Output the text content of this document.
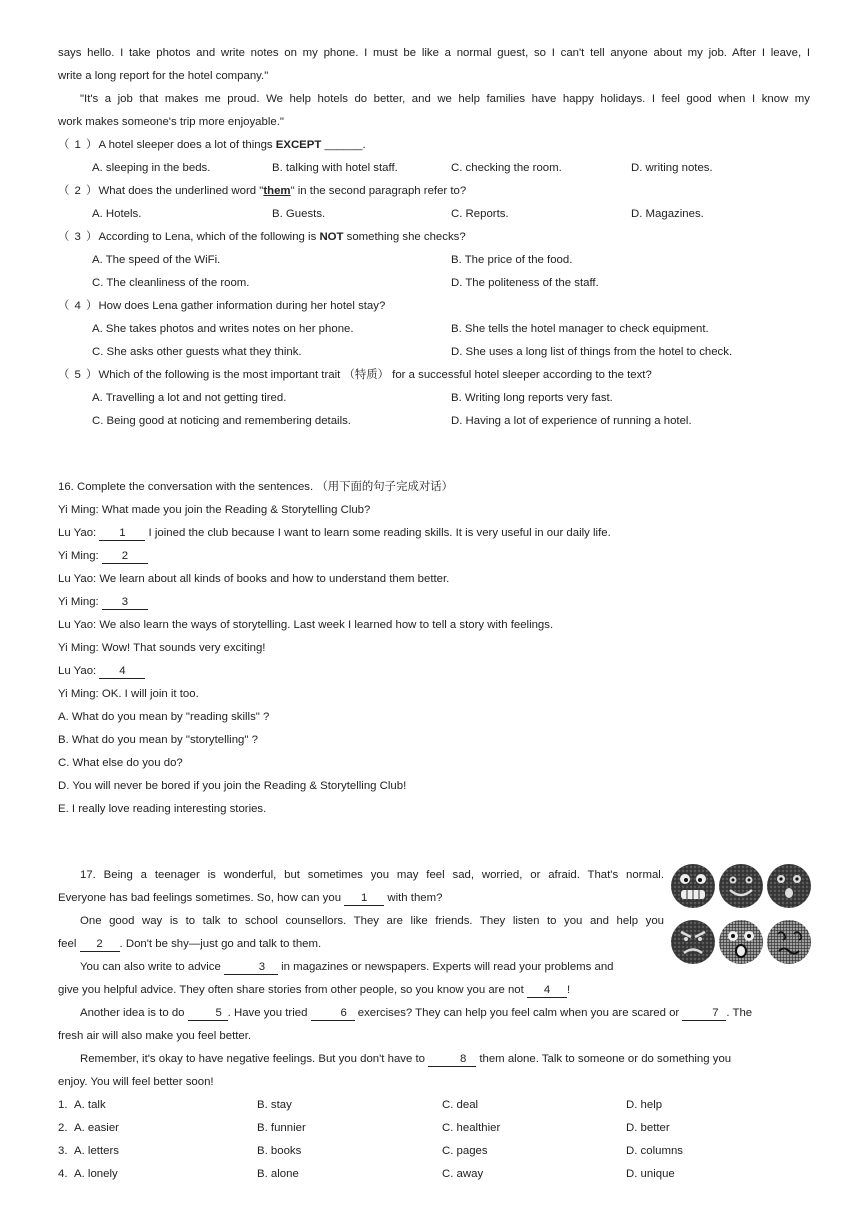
says hello. I take photos and write notes on my phone. I must be like a normal guest, so I can't tell anyone about my job. After I leave, I
write a long report for the hotel company."
"It's a job that makes me proud. We help hotels do better, and we help families have happy holidays. I feel good when I know my
work makes someone's trip more enjoyable."
（ 1 ）A hotel sleeper does a lot of things EXCEPT ______.
A. sleeping in the beds.	B. talking with hotel staff.	C. checking the room.	D. writing notes.
（ 2 ）What does the underlined word "them" in the second paragraph refer to?
A. Hotels.	B. Guests.	C. Reports.	D. Magazines.
（ 3 ）According to Lena, which of the following is NOT something she checks?
A. The speed of the WiFi.	B. The price of the food.
C. The cleanliness of the room.	D. The politeness of the staff.
（ 4 ）How does Lena gather information during her hotel stay?
A. She takes photos and writes notes on her phone.	B. She tells the hotel manager to check equipment.
C. She asks other guests what they think.	D. She uses a long list of things from the hotel to check.
（ 5 ）Which of the following is the most important trait （特质） for a successful hotel sleeper according to the text?
A. Travelling a lot and not getting tired.	B. Writing long reports very fast.
C. Being good at noticing and remembering details.	D. Having a lot of experience of running a hotel.
16. Complete the conversation with the sentences. （用下面的句子完成对话）
Yi Ming: What made you join the Reading & Storytelling Club?
Lu Yao: 1 I joined the club because I want to learn some reading skills. It is very useful in our daily life.
Yi Ming: 2
Lu Yao: We learn about all kinds of books and how to understand them better.
Yi Ming: 3
Lu Yao: We also learn the ways of storytelling. Last week I learned how to tell a story with feelings.
Yi Ming: Wow! That sounds very exciting!
Lu Yao: 4
Yi Ming: OK. I will join it too.
A. What do you mean by "reading skills" ?
B. What do you mean by "storytelling" ?
C. What else do you do?
D. You will never be bored if you join the Reading & Storytelling Club!
E. I really love reading interesting stories.
17. Being a teenager is wonderful, but sometimes you may feel sad, worried, or afraid. That's normal.
Everyone has bad feelings sometimes. So, how can you 1 with them?
One good way is to talk to school counsellors. They are like friends. They listen to you and help you
feel 2 . Don't be shy—just go and talk to them.
You can also write to advice	3 in magazines or newspapers. Experts will read your problems and
give you helpful advice. They often share stories from other people, so you know you are not 4 !
Another idea is to do 5 . Have you tried	6 exercises? They can help you feel calm when you are scared or	7 . The
fresh air will also make you feel better.
Remember, it's okay to have negative feelings. But you don't have to	8 them alone. Talk to someone or do something you
enjoy. You will feel better soon!
1. A. talk	B. stay	C. deal	D. help
2. A. easier	B. funnier	C. healthier	D. better
3. A. letters	B. books	C. pages	D. columns
4. A. lonely	B. alone	C. away	D. unique
